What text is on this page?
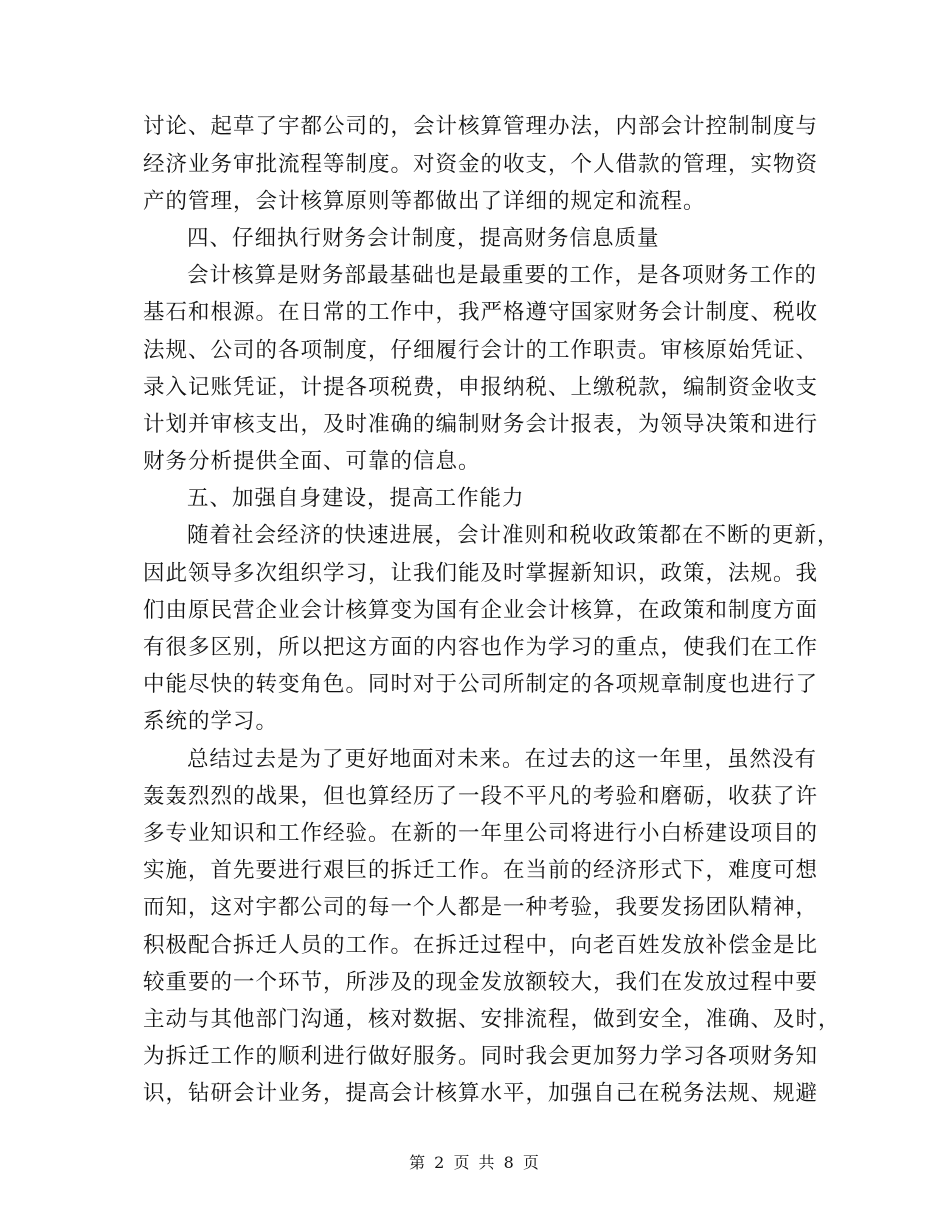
讨论、起草了宇都公司的，会计核算管理办法，内部会计控制制度与
经济业务审批流程等制度。对资金的收支，个人借款的管理，实物资
产的管理，会计核算原则等都做出了详细的规定和流程。
四、仔细执行财务会计制度，提高财务信息质量
会计核算是财务部最基础也是最重要的工作，是各项财务工作的
基石和根源。在日常的工作中，我严格遵守国家财务会计制度、税收
法规、公司的各项制度，仔细履行会计的工作职责。审核原始凭证、
录入记账凭证，计提各项税费，申报纳税、上缴税款，编制资金收支
计划并审核支出，及时准确的编制财务会计报表，为领导决策和进行
财务分析提供全面、可靠的信息。
五、加强自身建设，提高工作能力
随着社会经济的快速进展，会计准则和税收政策都在不断的更新，
因此领导多次组织学习，让我们能及时掌握新知识，政策，法规。我
们由原民营企业会计核算变为国有企业会计核算，在政策和制度方面
有很多区别，所以把这方面的内容也作为学习的重点，使我们在工作
中能尽快的转变角色。同时对于公司所制定的各项规章制度也进行了
系统的学习。
总结过去是为了更好地面对未来。在过去的这一年里，虽然没有
轰轰烈烈的战果，但也算经历了一段不平凡的考验和磨砺，收获了许
多专业知识和工作经验。在新的一年里公司将进行小白桥建设项目的
实施，首先要进行艰巨的拆迁工作。在当前的经济形式下，难度可想
而知，这对宇都公司的每一个人都是一种考验，我要发扬团队精神，
积极配合拆迁人员的工作。在拆迁过程中，向老百姓发放补偿金是比
较重要的一个环节，所涉及的现金发放额较大，我们在发放过程中要
主动与其他部门沟通，核对数据、安排流程，做到安全，准确、及时，
为拆迁工作的顺利进行做好服务。同时我会更加努力学习各项财务知
识，钻研会计业务，提高会计核算水平，加强自己在税务法规、规避
第 2 页 共 8 页
